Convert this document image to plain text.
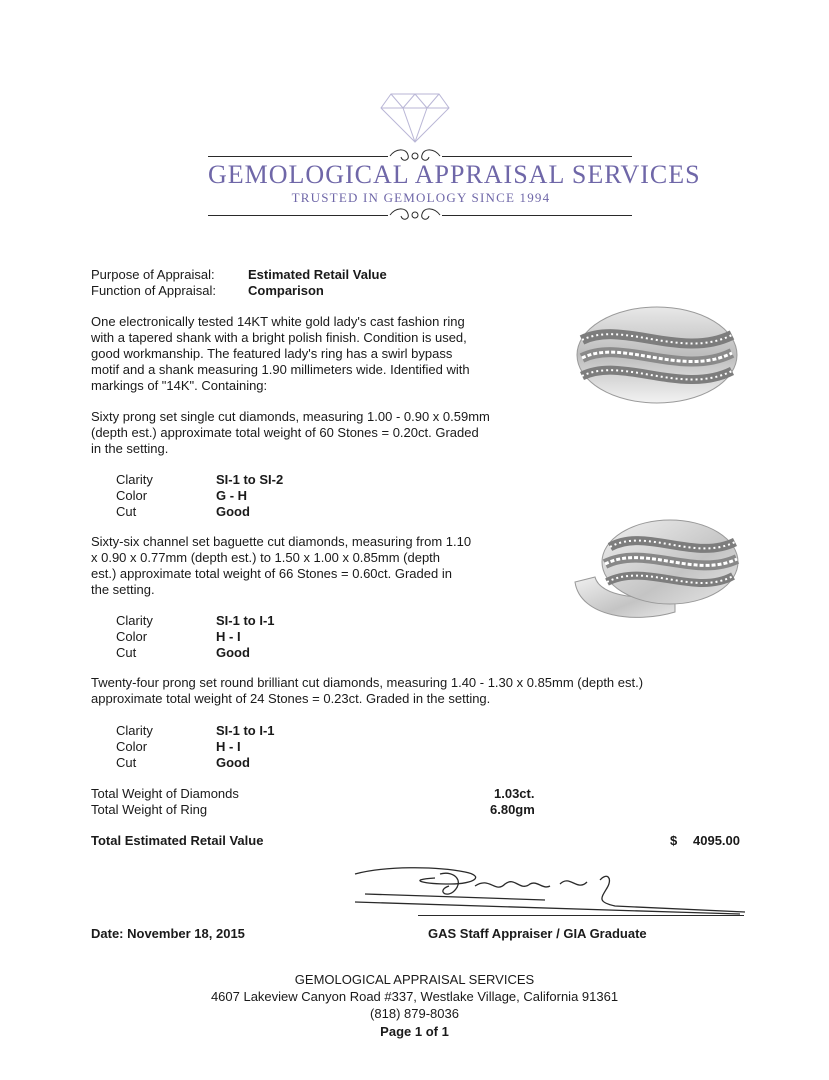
GEMOLOGICAL APPRAISAL SERVICES
TRUSTED IN GEMOLOGY SINCE 1994
Purpose of Appraisal:	Estimated Retail Value
Function of Appraisal: Comparison
One electronically tested 14KT white gold lady's cast fashion ring
with a tapered shank with a bright polish finish. Condition is used,
good workmanship. The featured lady's ring has a swirl bypass
motif and a shank measuring 1.90 millimeters wide. Identified with
markings of "14K". Containing:
Sixty prong set single cut diamonds, measuring 1.00 - 0.90 x 0.59mm
(depth est.) approximate total weight of 60 Stones = 0.20ct. Graded
in the setting.
Clarity	SI-1 to SI-2
Color	G - H
Cut	Good
Sixty-six channel set baguette cut diamonds, measuring from 1.10
x 0.90 x 0.77mm (depth est.) to 1.50 x 1.00 x 0.85mm (depth
est.) approximate total weight of 66 Stones = 0.60ct. Graded in
the setting.
Clarity	SI-1 to I-1
Color	H - I
Cut	Good
Twenty-four prong set round brilliant cut diamonds, measuring 1.40 - 1.30 x 0.85mm (depth est.)
approximate total weight of 24 Stones = 0.23ct. Graded in the setting.
Clarity	SI-1 to I-1
Color	H - I
Cut	Good
Total Weight of Diamonds	1.03ct.
Total Weight of Ring	6.80gm
Total Estimated Retail Value	$ 4095.00
Date: November 18, 2015	GAS Staff Appraiser / GIA Graduate
GEMOLOGICAL APPRAISAL SERVICES
4607 Lakeview Canyon Road #337, Westlake Village, California 91361
(818) 879-8036
Page 1 of 1
